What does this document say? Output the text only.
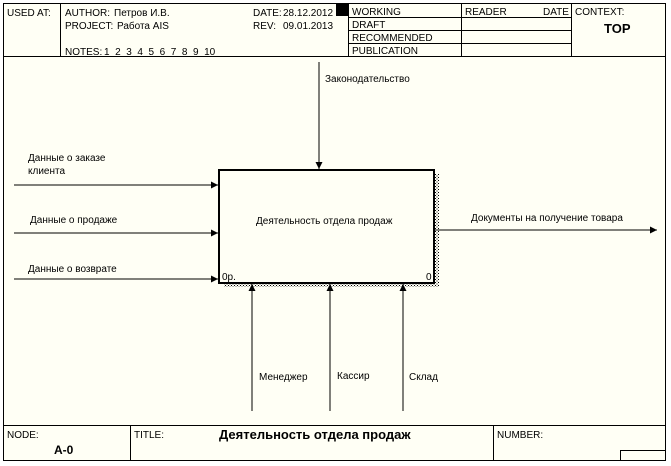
USED AT: AUTHOR: Петров И.В.
PROJECT: Работа AIS
DATE: 28.12.2012
REV: 09.01.2013
NOTES: 1  2  3  4  5  6  7  8  9  10
WORKING
DRAFT
RECOMMENDED
PUBLICATION
READER	DATE CONTEXT:
TOP
Деятельность отдела продаж
0р.	0
Законодательство
Данные о заказе
клиента
Данные о продаже
Данные о возврате
Документы на получение товара
Менеджер	Кассир	Склад
NODE:
A-0
TITLE:	Деятельность отдела продаж	NUMBER:
